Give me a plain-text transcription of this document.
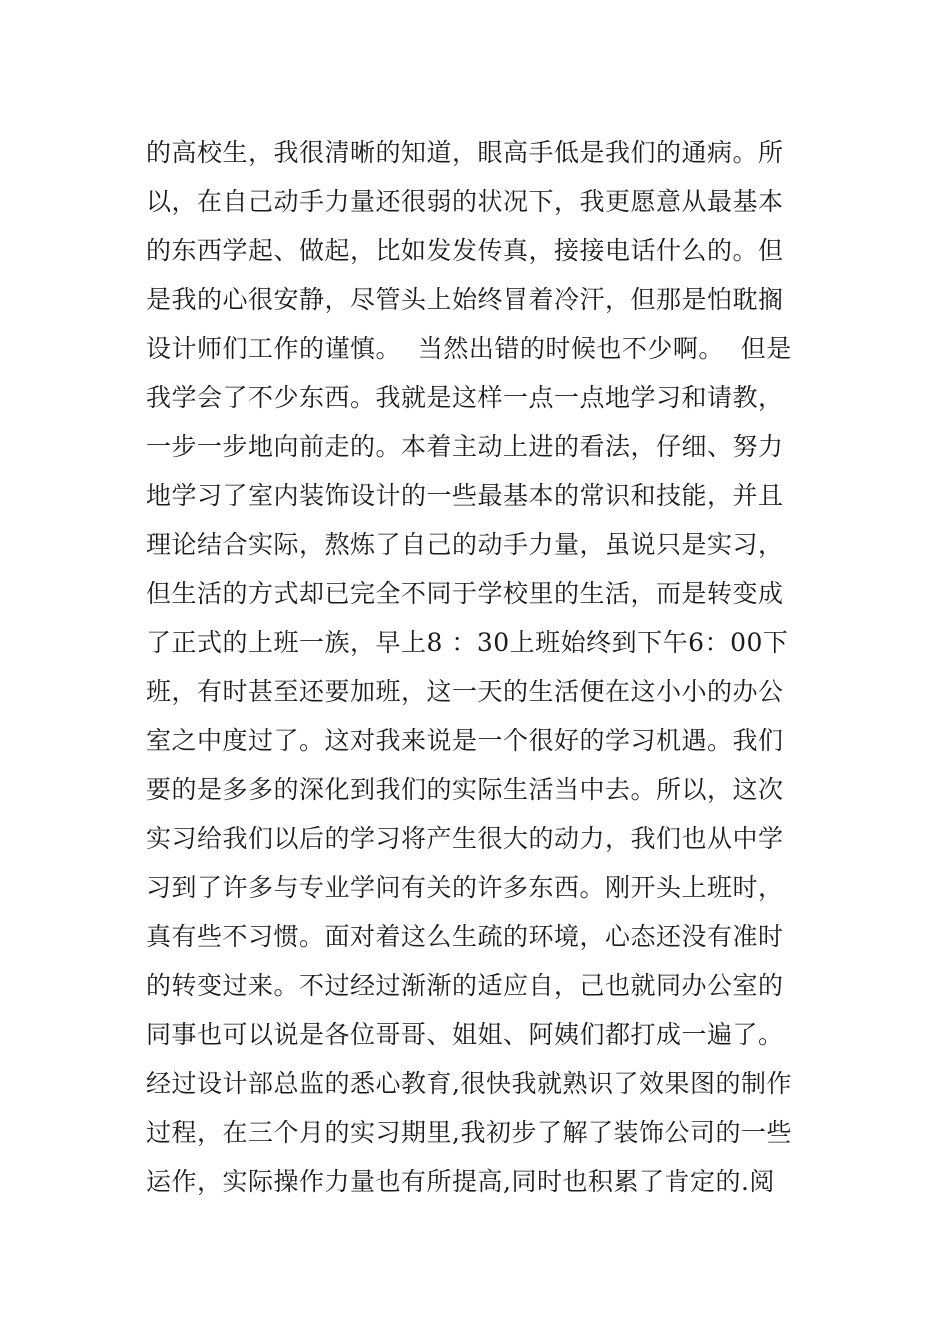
的高校生，我很清晰的知道，眼高手低是我们的通病。所
以，在自己动手力量还很弱的状况下，我更愿意从最基本
的东西学起、做起，比如发发传真，接接电话什么的。但
是我的心很安静，尽管头上始终冒着冷汗，但那是怕耽搁
设计师们工作的谨慎。  当然出错的时候也不少啊。  但是
我学会了不少东西。我就是这样一点一点地学习和请教，
一步一步地向前走的。本着主动上进的看法，仔细、努力
地学习了室内装饰设计的一些最基本的常识和技能，并且
理论结合实际，熬炼了自己的动手力量，虽说只是实习，
但生活的方式却已完全不同于学校里的生活，而是转变成
了正式的上班一族，早上8 ：30上班始终到下午6：00下
班，有时甚至还要加班，这一天的生活便在这小小的办公
室之中度过了。这对我来说是一个很好的学习机遇。我们
要的是多多的深化到我们的实际生活当中去。所以，这次
实习给我们以后的学习将产生很大的动力，我们也从中学
习到了许多与专业学问有关的许多东西。刚开头上班时，
真有些不习惯。面对着这么生疏的环境，心态还没有准时
的转变过来。不过经过渐渐的适应自，己也就同办公室的
同事也可以说是各位哥哥、姐姐、阿姨们都打成一遍了。
经过设计部总监的悉心教育,很快我就熟识了效果图的制作
过程，在三个月的实习期里,我初步了解了装饰公司的一些
运作，实际操作力量也有所提高,同时也积累了肯定的.阅
